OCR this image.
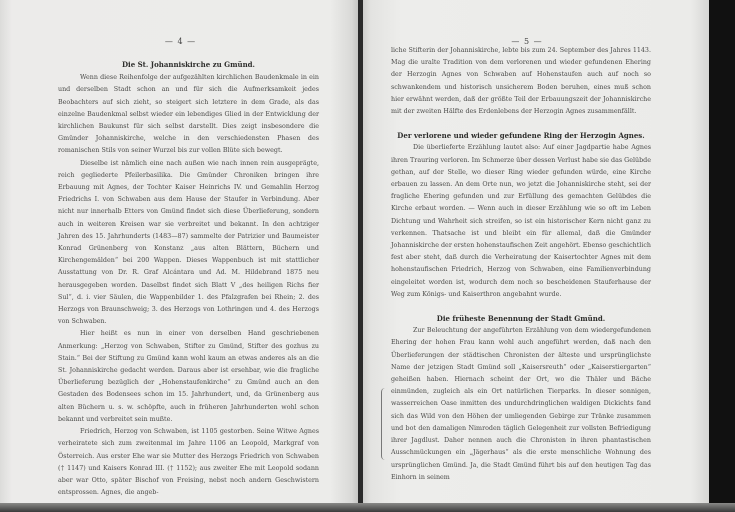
— 4 —
Die St. Johanniskirche zu Gmünd.

Wenn diese Reihenfolge der aufgezählten kirchlichen Baudenkmale in ein und derselben Stadt schon an und für sich die Aufmerksamkeit jedes Beobachters auf sich zieht, so steigert sich letztere in dem Grade, als das einzelne Baudenkmal selbst wieder ein lebendiges Glied in der Entwicklung der kirchlichen Baukunst für sich selbst darstellt. Dies zeigt insbesondere die Gmünder Johanniskirche, welche in den verschiedensten Phasen des romanischen Stils von seiner Wurzel bis zur vollen Blüte sich bewegt.

Dieselbe ist nämlich eine nach außen wie nach innen rein ausgeprägte, reich gegliederte Pfeilerbasilika. Die Gmünder Chroniken bringen ihre Erbauung mit Agnes, der Tochter Kaiser Heinrichs IV. und Gemahlin Herzog Friedrichs I. von Schwaben aus dem Hause der Staufer in Verbindung. Aber nicht nur innerhalb Etters von Gmünd findet sich diese Überlieferung, sondern auch in weiteren Kreisen war sie verbreitet und bekannt. In den achtziger Jahren des 15. Jahrhunderts (1483—87) sammelte der Patrizier und Baumeister Konrad Grünenberg von Konstanz „aus alten Blättern, Büchern und Kirchengemälden“ bei 200 Wappen. Dieses Wappenbuch ist mit stattlicher Ausstattung von Dr. R. Graf Alcántara und Ad. M. Hildebrand 1875 neu herausgegeben worden. Daselbst findet sich Blatt V „des heiligen Richs fier Sul“, d. i. vier Säulen, die Wappenbilder 1. des Pfalzgrafen bei Rhein; 2. des Herzogs von Braunschweig; 3. des Herzogs von Lothringen und 4. des Herzogs von Schwaben.

Hier heißt es nun in einer von derselben Hand geschriebenen Anmerkung: „Herzog von Schwaben, Stifter zu Gmünd, Stifter des gozhus zu Stain.“ Bei der Stiftung zu Gmünd kann wohl kaum an etwas anderes als an die St. Johanniskirche gedacht werden. Daraus aber ist ersehbar, wie die fragliche Überlieferung bezüglich der „Hohenstaufenkirche“ zu Gmünd auch an den Gestaden des Bodensees schon im 15. Jahrhundert, und, da Grünenberg aus alten Büchern u. s. w. schöpfte, auch in früheren Jahrhunderten wohl schon bekannt und verbreitet sein mußte.

Friedrich, Herzog von Schwaben, ist 1105 gestorben. Seine Witwe Agnes verheiratete sich zum zweitenmal im Jahre 1106 an Leopold, Markgraf von Österreich. Aus erster Ehe war sie Mutter des Herzogs Friedrich von Schwaben († 1147) und Kaisers Konrad III. († 1152); aus zweiter Ehe mit Leopold sodann aber war Otto, später Bischof von Freising, nebst noch andern Geschwistern entsprossen. Agnes, die angeb-

— 5 —

liche Stifterin der Johanniskirche, lebte bis zum 24. September des Jahres 1143. Mag die uralte Tradition von dem verlorenen und wieder gefundenen Ehering der Herzogin Agnes von Schwaben auf Hohenstaufen auch auf noch so schwankendem und historisch unsicherem Boden beruhen, eines muß schon hier erwähnt werden, daß der größte Teil der Erbauungszeit der Johanniskirche mit der zweiten Hälfte des Erdenlebens der Herzogin Agnes zusammenfällt.

Der verlorene und wieder gefundene Ring der Herzogin Agnes.

Die überlieferte Erzählung lautet also: Auf einer Jagdpartie habe Agnes ihren Trauring verloren. Im Schmerze über dessen Verlust habe sie das Gelübde gethan, auf der Stelle, wo dieser Ring wieder gefunden würde, eine Kirche erbauen zu lassen. An dem Orte nun, wo jetzt die Johanniskirche steht, sei der fragliche Ehering gefunden und zur Erfüllung des gemachten Gelübdes die Kirche erbaut worden. — Wenn auch in dieser Erzählung wie so oft im Leben Dichtung und Wahrheit sich streifen, so ist ein historischer Kern nicht ganz zu verkennen. Thatsache ist und bleibt ein für allemal, daß die Gmünder Johanniskirche der ersten hohenstaufischen Zeit angehört. Ebenso geschichtlich fest aber steht, daß durch die Verheiratung der Kaisertochter Agnes mit dem hohenstaufischen Friedrich, Herzog von Schwaben, eine Familienverbindung eingeleitet worden ist, wodurch dem noch so bescheidenen Stauferhause der Weg zum Königs- und Kaiserthron angebahnt wurde.

Die früheste Benennung der Stadt Gmünd.

Zur Beleuchtung der angeführten Erzählung von dem wiedergefundenen Ehering der hohen Frau kann wohl auch angeführt werden, daß nach den Überlieferungen der städtischen Chronisten der älteste und ursprünglichste Name der jetzigen Stadt Gmünd soll „Kaisersreuth“ oder „Kaiserstiergarten“ geheißen haben. Hiernach scheint der Ort, wo die Thäler und Bäche einmünden, zugleich als ein Ort natürlichen Tierparks. In dieser sonnigen, wasserreichen Oase inmitten des undurchdringlichen waldigen Dickichts fand sich das Wild von den Höhen der umliegenden Gebirge zur Tränke zusammen und bot den damaligen Nimroden täglich Gelegenheit zur vollsten Befriedigung ihrer Jagdlust. Daher nennen auch die Chronisten in ihren phantastischen Ausschmückungen ein „Jägerhaus“ als die erste menschliche Wohnung des ursprünglichen Gmünd. Ja, die Stadt Gmünd führt bis auf den heutigen Tag das Einhorn in seinem
